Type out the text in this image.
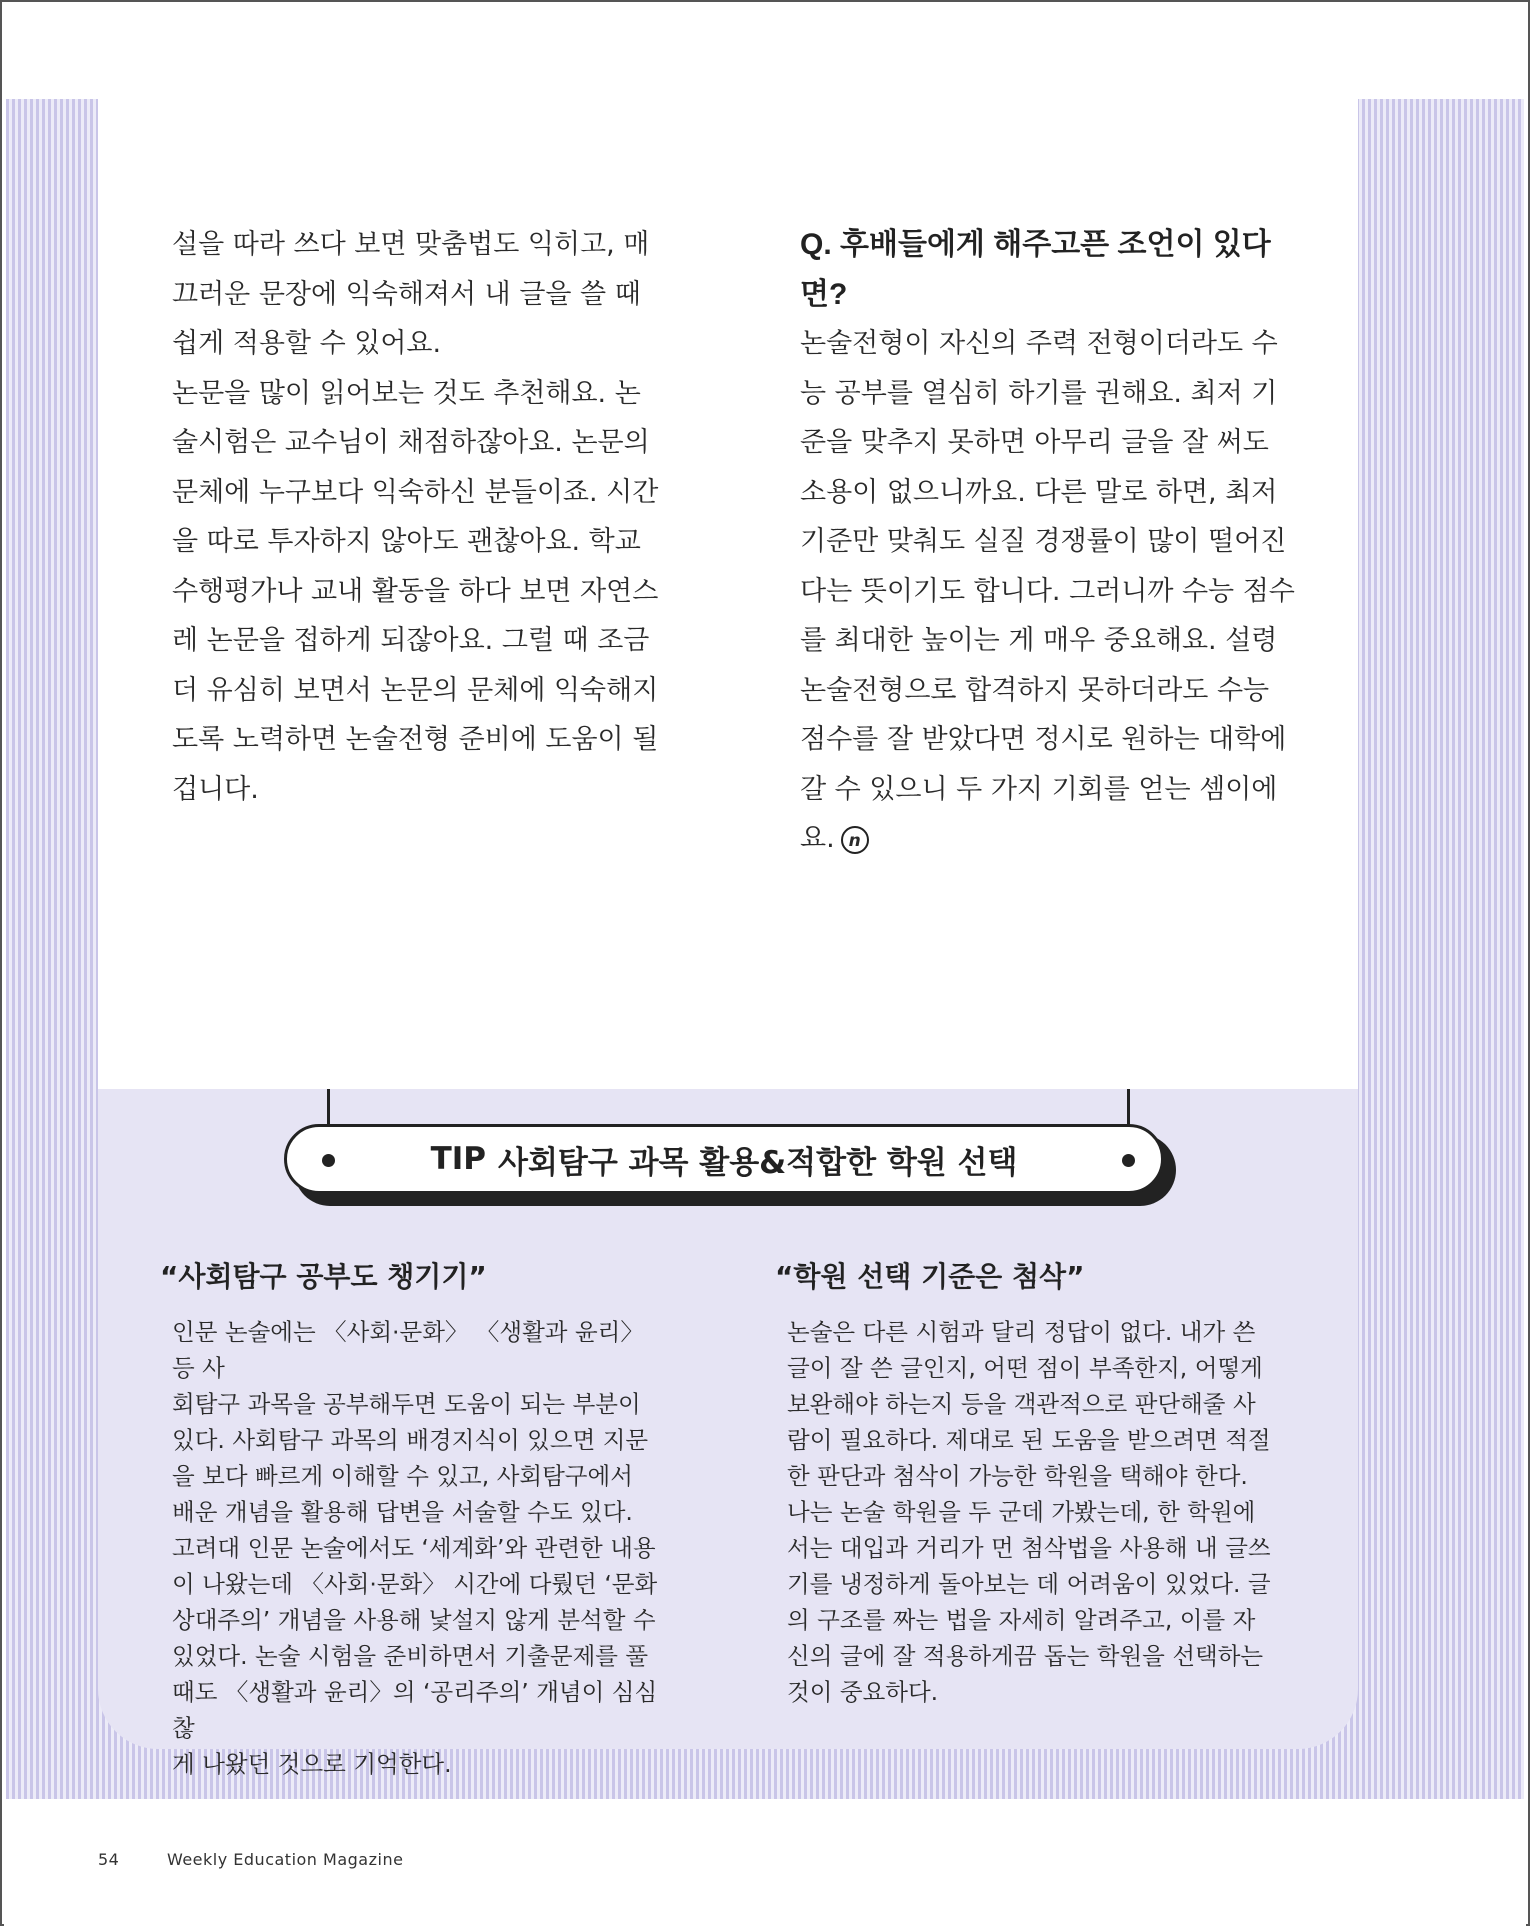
설을 따라 쓰다 보면 맞춤법도 익히고, 매

끄러운 문장에 익숙해져서 내 글을 쓸 때

쉽게 적용할 수 있어요.

논문을 많이 읽어보는 것도 추천해요. 논

술시험은 교수님이 채점하잖아요. 논문의

문체에 누구보다 익숙하신 분들이죠. 시간

을 따로 투자하지 않아도 괜찮아요. 학교

수행평가나 교내 활동을 하다 보면 자연스

레 논문을 접하게 되잖아요. 그럴 때 조금

더 유심히 보면서 논문의 문체에 익숙해지

도록 노력하면 논술전형 준비에 도움이 될

겁니다.

Q. 후배들에게 해주고픈 조언이 있다면?

논술전형이 자신의 주력 전형이더라도 수

능 공부를 열심히 하기를 권해요. 최저 기

준을 맞추지 못하면 아무리 글을 잘 써도

소용이 없으니까요. 다른 말로 하면, 최저

기준만 맞춰도 실질 경쟁률이 많이 떨어진

다는 뜻이기도 합니다. 그러니까 수능 점수

를 최대한 높이는 게 매우 중요해요. 설령

논술전형으로 합격하지 못하더라도 수능

점수를 잘 받았다면 정시로 원하는 대학에

갈 수 있으니 두 가지 기회를 얻는 셈이에

요. n

TIP 사회탐구 과목 활용&적합한 학원 선택
“사회탐구 공부도 챙기기”

인문 논술에는 〈사회·문화〉 〈생활과 윤리〉 등 사

회탐구 과목을 공부해두면 도움이 되는 부분이

있다. 사회탐구 과목의 배경지식이 있으면 지문

을 보다 빠르게 이해할 수 있고, 사회탐구에서

배운 개념을 활용해 답변을 서술할 수도 있다.

고려대 인문 논술에서도 ‘세계화’와 관련한 내용

이 나왔는데 〈사회·문화〉 시간에 다뤘던 ‘문화

상대주의’ 개념을 사용해 낯설지 않게 분석할 수

있었다. 논술 시험을 준비하면서 기출문제를 풀

때도 〈생활과 윤리〉의 ‘공리주의’ 개념이 심심찮

게 나왔던 것으로 기억한다.

“학원 선택 기준은 첨삭”

논술은 다른 시험과 달리 정답이 없다. 내가 쓴

글이 잘 쓴 글인지, 어떤 점이 부족한지, 어떻게

보완해야 하는지 등을 객관적으로 판단해줄 사

람이 필요하다. 제대로 된 도움을 받으려면 적절

한 판단과 첨삭이 가능한 학원을 택해야 한다.

나는 논술 학원을 두 군데 가봤는데, 한 학원에

서는 대입과 거리가 먼 첨삭법을 사용해 내 글쓰

기를 냉정하게 돌아보는 데 어려움이 있었다. 글

의 구조를 짜는 법을 자세히 알려주고, 이를 자

신의 글에 잘 적용하게끔 돕는 학원을 선택하는

것이 중요하다.

54	Weekly Education Magazine
